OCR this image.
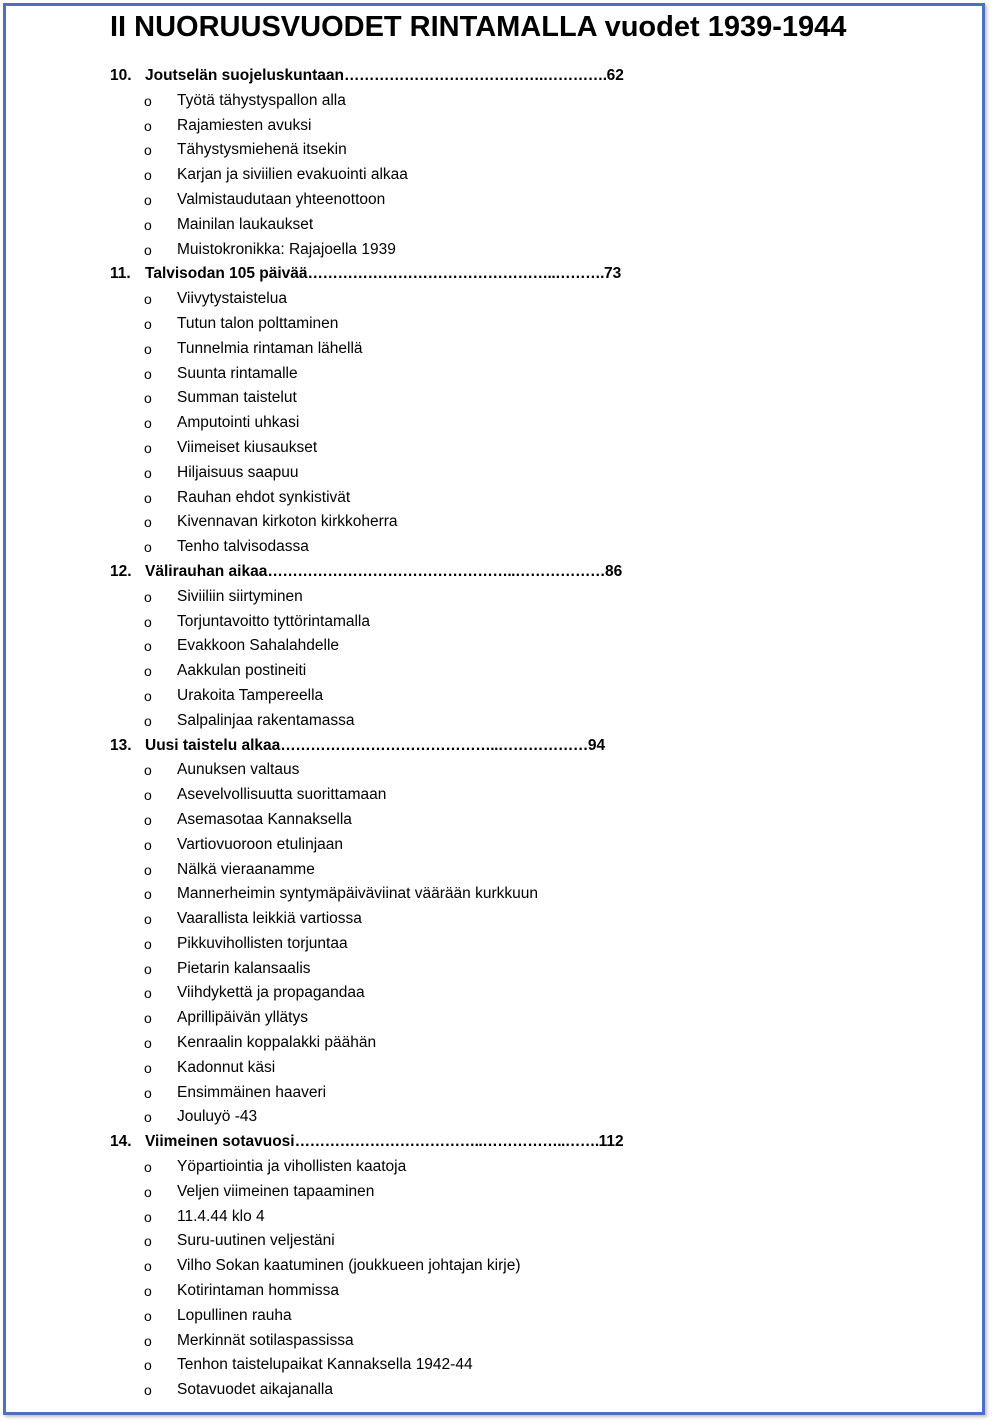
II NUORUUSVUODET RINTAMALLA vuodet 1939-1944
10. Joutselän suojeluskuntaan………………………………….………….62
o Työtä tähystyspallon alla
o Rajamiesten avuksi
o Tähystysmiehenä itsekin
o Karjan ja siviilien evakuointi alkaa
o Valmistaudutaan yhteenottoon
o Mainilan laukaukset
o Muistokronikka: Rajajoella 1939
11. Talvisodan 105 päivää…………………………………………..……….73
o Viivytystaistelua
o Tutun talon polttaminen
o Tunnelmia rintaman lähellä
o Suunta rintamalle
o Summan taistelut
o Amputointi uhkasi
o Viimeiset kiusaukset
o Hiljaisuus saapuu
o Rauhan ehdot synkistivät
o Kivennavan kirkoton kirkkoherra
o Tenho talvisodassa
12. Välirauhan aikaa…………………………………………..………………86
o Siviiliin siirtyminen
o Torjuntavoitto tyttörintamalla
o Evakkoon Sahalahdelle
o Aakkulan postineiti
o Urakoita Tampereella
o Salpalinjaa rakentamassa
13. Uusi taistelu alkaa……………………………………..………………94
o Aunuksen valtaus
o Asevelvollisuutta suorittamaan
o Asemasotaa Kannaksella
o Vartiovuoroon etulinjaan
o Nälkä vieraanamme
o Mannerheimin syntymäpäiväviinat väärään kurkkuun
o Vaarallista leikkiä vartiossa
o Pikkuvihollisten torjuntaa
o Pietarin kalansaalis
o Viihdykettä ja propagandaa
o Aprillipäivän yllätys
o Kenraalin koppalakki päähän
o Kadonnut käsi
o Ensimmäinen haaveri
o Jouluyö -43
14. Viimeinen sotavuosi………………………………..……………..…….112
o Yöpartiointia ja vihollisten kaatoja
o Veljen viimeinen tapaaminen
o 11.4.44 klo 4
o Suru-uutinen veljestäni
o Vilho Sokan kaatuminen (joukkueen johtajan kirje)
o Kotirintaman hommissa
o Lopullinen rauha
o Merkinnät sotilaspassissa
o Tenhon taistelupaikat Kannaksella 1942-44
o Sotavuodet aikajanalla
